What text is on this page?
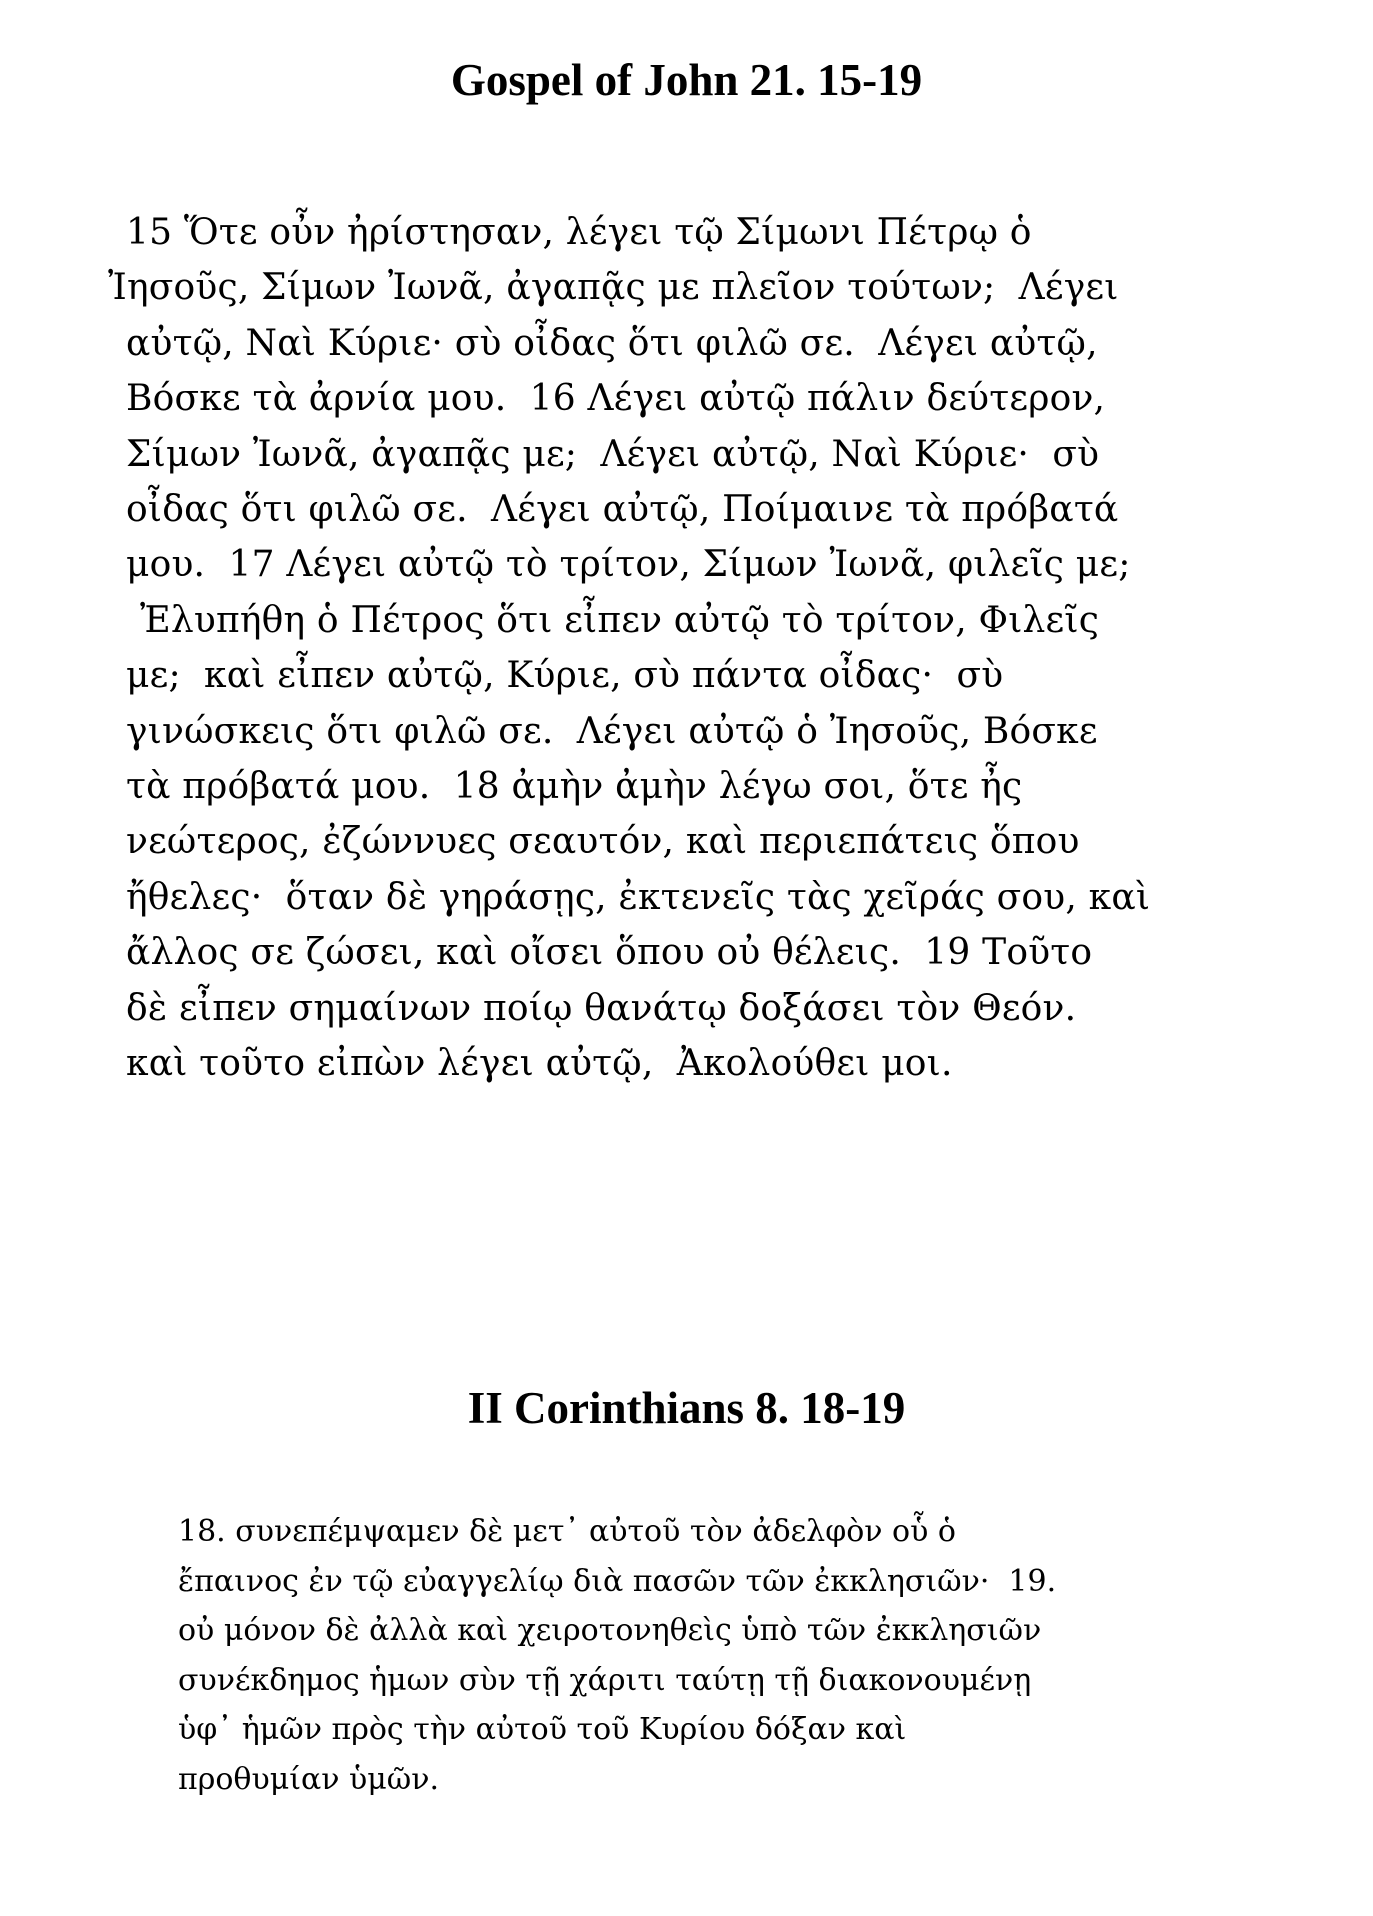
Gospel of John 21. 15-19
15 Ὅτε οὖν ἠρίστησαν, λέγει τῷ Σίμωνι Πέτρῳ ὁ
Ἰησοῦς, Σίμων Ἰωνᾶ, ἀγαπᾷς με πλεῖον τούτων;  Λέγει
αὐτῷ, Ναὶ Κύριε· σὺ οἶδας ὅτι φιλῶ σε.  Λέγει αὐτῷ,
Βόσκε τὰ ἀρνία μου.  16 Λέγει αὐτῷ πάλιν δεύτερον,
Σίμων Ἰωνᾶ, ἀγαπᾷς με;  Λέγει αὐτῷ, Ναὶ Κύριε·  σὺ
οἶδας ὅτι φιλῶ σε.  Λέγει αὐτῷ, Ποίμαινε τὰ πρόβατά
μου.  17 Λέγει αὐτῷ τὸ τρίτον, Σίμων Ἰωνᾶ, φιλεῖς με;
Ἐλυπήθη ὁ Πέτρος ὅτι εἶπεν αὐτῷ τὸ τρίτον, Φιλεῖς
με;  καὶ εἶπεν αὐτῷ, Κύριε, σὺ πάντα οἶδας·  σὺ
γινώσκεις ὅτι φιλῶ σε.  Λέγει αὐτῷ ὁ Ἰησοῦς, Βόσκε
τὰ πρόβατά μου.  18 ἀμὴν ἀμὴν λέγω σοι, ὅτε ἦς
νεώτερος, ἐζώννυες σεαυτόν, καὶ περιεπάτεις ὅπου
ἤθελες·  ὅταν δὲ γηράσῃς, ἐκτενεῖς τὰς χεῖράς σου, καὶ
ἄλλος σε ζώσει, καὶ οἴσει ὅπου οὐ θέλεις.  19 Τοῦτο
δὲ εἶπεν σημαίνων ποίῳ θανάτῳ δοξάσει τὸν Θεόν.
καὶ τοῦτο εἰπὼν λέγει αὐτῷ,  Ἀκολούθει μοι.
II Corinthians 8. 18-19
18. συνεπέμψαμεν δὲ μετ᾽ αὐτοῦ τὸν ἀδελφὸν οὗ ὁ
ἔπαινος ἐν τῷ εὐαγγελίῳ διὰ πασῶν τῶν ἐκκλησιῶν·  19.
οὐ μόνον δὲ ἀλλὰ καὶ χειροτονηθεὶς ὑπὸ τῶν ἐκκλησιῶν
συνέκδημος ἡμων σὺν τῇ χάριτι ταύτῃ τῇ διακονουμένῃ
ὑφ᾽ ἡμῶν πρὸς τὴν αὐτοῦ τοῦ Κυρίου δόξαν καὶ
προθυμίαν ὑμῶν.
